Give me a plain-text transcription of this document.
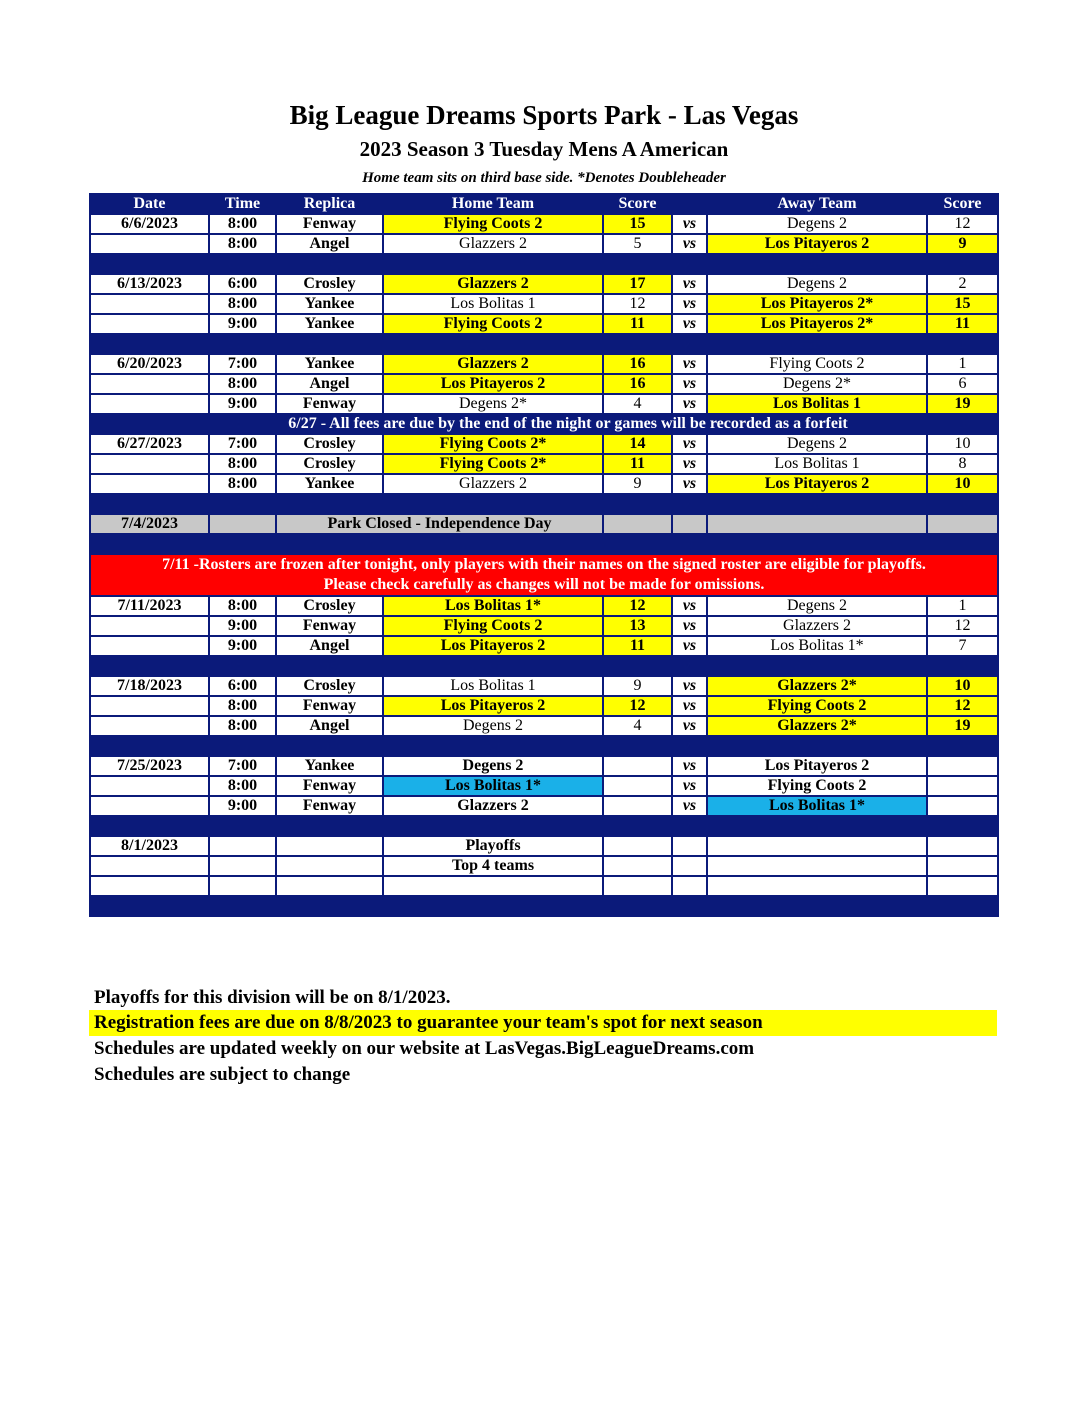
Big League Dreams Sports Park - Las Vegas
2023 Season 3 Tuesday Mens A American
Home team sits on third base side. *Denotes Doubleheader
Date	Time	Replica	Home Team	Score		Away Team	Score
6/6/2023	8:00	Fenway	Flying Coots 2	15	vs	Degens 2	12
	8:00	Angel	Glazzers 2	5	vs	Los Pitayeros 2	9

6/13/2023	6:00	Crosley	Glazzers 2	17	vs	Degens 2	2
	8:00	Yankee	Los Bolitas 1	12	vs	Los Pitayeros 2*	15
	9:00	Yankee	Flying Coots 2	11	vs	Los Pitayeros 2*	11

6/20/2023	7:00	Yankee	Glazzers 2	16	vs	Flying Coots 2	1
	8:00	Angel	Los Pitayeros 2	16	vs	Degens 2*	6
	9:00	Fenway	Degens 2*	4	vs	Los Bolitas 1	19
	6/27 - All fees are due by the end of the night or games will be recorded as a forfeit						
6/27/2023	7:00	Crosley	Flying Coots 2*	14	vs	Degens 2	10
	8:00	Crosley	Flying Coots 2*	11	vs	Los Bolitas 1	8
	8:00	Yankee	Glazzers 2	9	vs	Los Pitayeros 2	10

7/4/2023		Park Closed - Independence Day					

7/11 -Rosters are frozen after tonight, only players with their names on the signed roster are eligible for playoffs.
Please check carefully as changes will not be made for omissions.							

7/11/2023	8:00	Crosley	Los Bolitas 1*	12	vs	Degens 2	1
	9:00	Fenway	Flying Coots 2	13	vs	Glazzers 2	12
	9:00	Angel	Los Pitayeros 2	11	vs	Los Bolitas 1*	7

7/18/2023	6:00	Crosley	Los Bolitas 1	9	vs	Glazzers 2*	10
	8:00	Fenway	Los Pitayeros 2	12	vs	Flying Coots 2	12
	8:00	Angel	Degens 2	4	vs	Glazzers 2*	19

7/25/2023	7:00	Yankee	Degens 2		vs	Los Pitayeros 2	
	8:00	Fenway	Los Bolitas 1*		vs	Flying Coots 2	
	9:00	Fenway	Glazzers 2		vs	Los Bolitas 1*	

8/1/2023			Playoffs				
			Top 4 teams				

Playoffs for this division will be on 8/1/2023.
Registration fees are due on 8/8/2023 to guarantee your team's spot for next season
Schedules are updated weekly on our website at LasVegas.BigLeagueDreams.com
Schedules are subject to change
